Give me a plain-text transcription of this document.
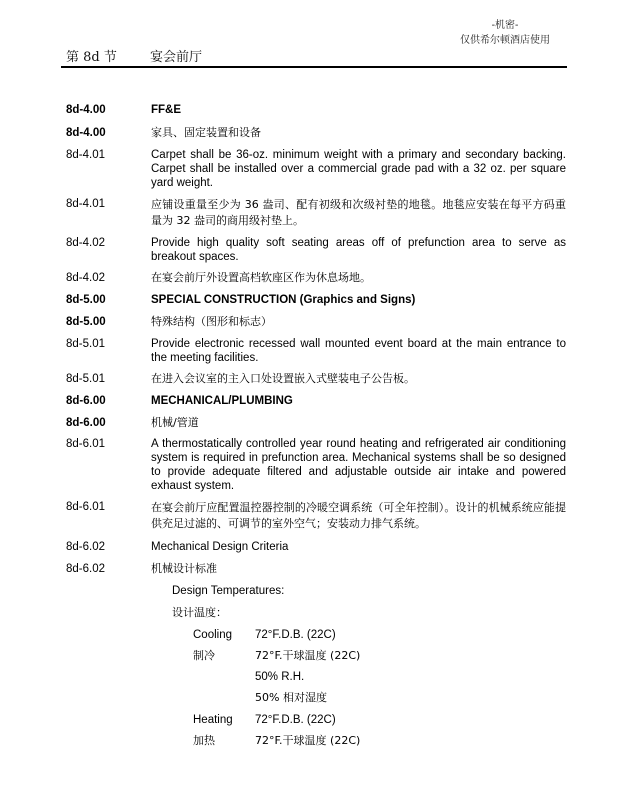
-机密-
仅供希尔顿酒店使用
第 8d 节	宴会前厅
8d-4.00	FF&E
8d-4.00	家具、固定装置和设备
8d-4.01	Carpet shall be 36-oz. minimum weight with a primary and secondary backing. Carpet shall be installed over a commercial grade pad with a 32 oz. per square yard weight.
8d-4.01	应铺设重量至少为 36 盎司、配有初级和次级衬垫的地毯。地毯应安装在每平方码重量为 32 盎司的商用级衬垫上。
8d-4.02	Provide high quality soft seating areas off of prefunction area to serve as breakout spaces.
8d-4.02	在宴会前厅外设置高档软座区作为休息场地。
8d-5.00	SPECIAL CONSTRUCTION (Graphics and Signs)
8d-5.00	特殊结构（图形和标志）
8d-5.01	Provide electronic recessed wall mounted event board at the main entrance to the meeting facilities.
8d-5.01	在进入会议室的主入口处设置嵌入式壁装电子公告板。
8d-6.00	MECHANICAL/PLUMBING
8d-6.00	机械/管道
8d-6.01	A thermostatically controlled year round heating and refrigerated air conditioning system is required in prefunction area. Mechanical systems shall be so designed to provide adequate filtered and adjustable outside air intake and powered exhaust system.
8d-6.01	在宴会前厅应配置温控器控制的冷暖空调系统（可全年控制）。设计的机械系统应能提供充足过滤的、可调节的室外空气；安装动力排气系统。
8d-6.02	Mechanical Design Criteria
8d-6.02	机械设计标准
Design Temperatures:
设计温度：
Cooling 72°F.D.B. (22C)
制冷	72°F.干球温度 (22C)
50% R.H.
50% 相对湿度
Heating 72°F.D.B. (22C)
加热	72°F.干球温度 (22C)
